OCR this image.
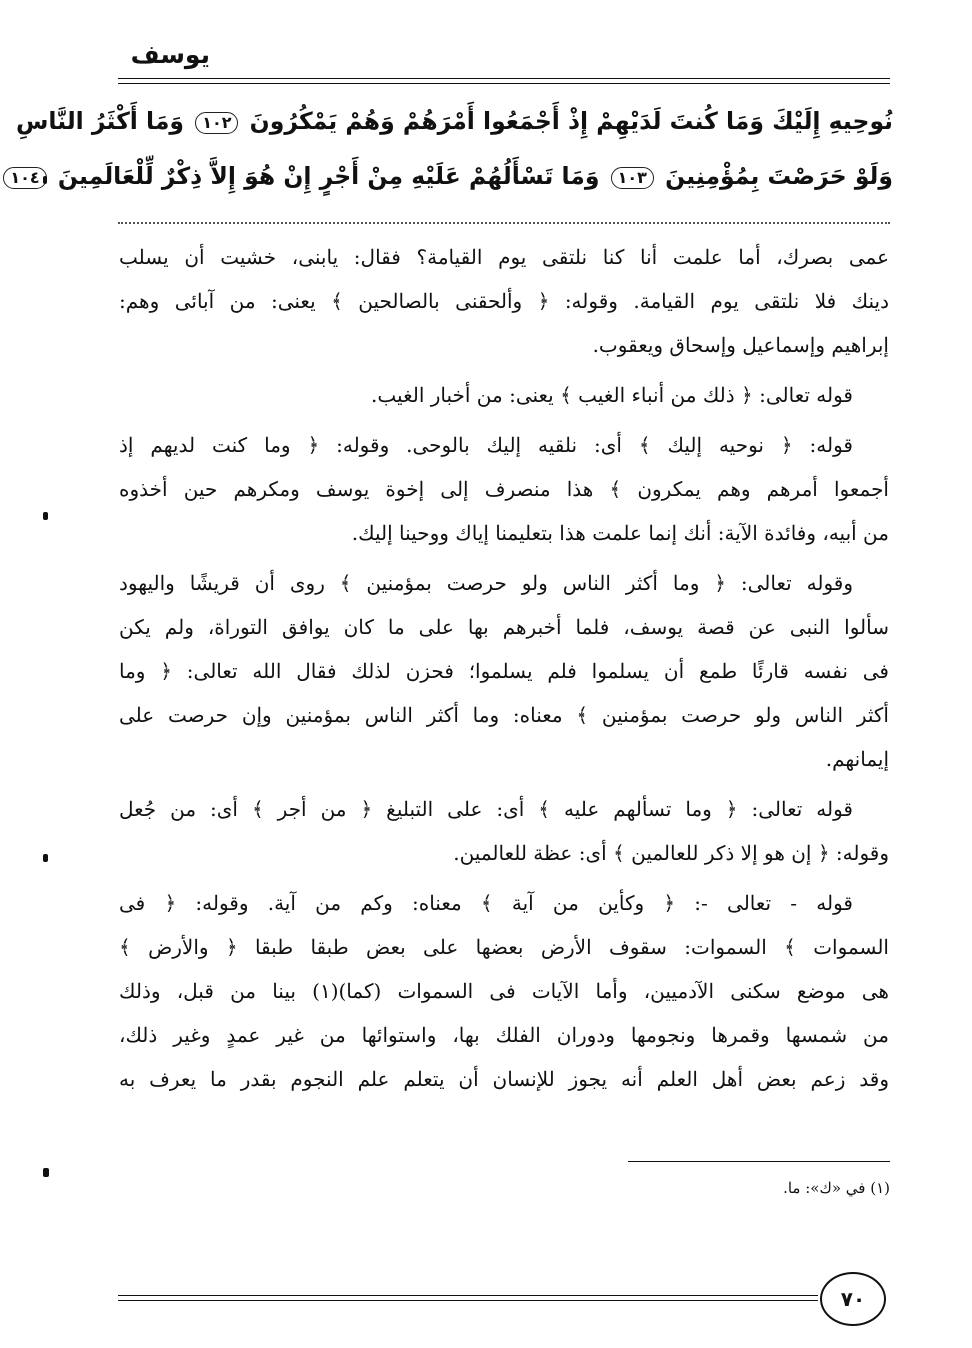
يوسف
نُوحِيهِ إِلَيْكَ وَمَا كُنتَ لَدَيْهِمْ إِذْ أَجْمَعُوا أَمْرَهُمْ وَهُمْ يَمْكُرُونَ ١٠٢ وَمَا أَكْثَرُ النَّاسِ
وَلَوْ حَرَصْتَ بِمُؤْمِنِينَ ١٠٣ وَمَا تَسْأَلُهُمْ عَلَيْهِ مِنْ أَجْرٍ إِنْ هُوَ إِلاَّ ذِكْرٌ لِّلْعَالَمِينَ ١٠٤
عمى بصرك، أما علمت أنا كنا نلتقى يوم القيامة؟ فقال: يابنى، خشيت أن يسلب
دينك فلا نلتقى يوم القيامة. وقوله: ﴿ وألحقنى بالصالحين ﴾ يعنى: من آبائى وهم:
إبراهيم وإسماعيل وإسحاق ويعقوب.
قوله تعالى: ﴿ ذلك من أنباء الغيب ﴾ يعنى: من أخبار الغيب.
قوله: ﴿ نوحيه إليك ﴾ أى: نلقيه إليك بالوحى. وقوله: ﴿ وما كنت لديهم إذ
أجمعوا أمرهم وهم يمكرون ﴾ هذا منصرف إلى إخوة يوسف ومكرهم حين أخذوه
من أبيه، وفائدة الآية: أنك إنما علمت هذا بتعليمنا إياك ووحينا إليك.
وقوله تعالى: ﴿ وما أكثر الناس ولو حرصت بمؤمنين ﴾ روى أن قريشًا واليهود
سألوا النبى عن قصة يوسف، فلما أخبرهم بها على ما كان يوافق التوراة، ولم يكن
فى نفسه قارئًا طمع أن يسلموا فلم يسلموا؛ فحزن لذلك فقال الله تعالى: ﴿ وما
أكثر الناس ولو حرصت بمؤمنين ﴾ معناه: وما أكثر الناس بمؤمنين وإن حرصت على
إيمانهم.
قوله تعالى: ﴿ وما تسألهم عليه ﴾ أى: على التبليغ ﴿ من أجر ﴾ أى: من جُعل
وقوله: ﴿ إن هو إلا ذكر للعالمين ﴾ أى: عظة للعالمين.
قوله - تعالى -: ﴿ وكأين من آية ﴾ معناه: وكم من آية. وقوله: ﴿ فى
السموات ﴾ السموات: سقوف الأرض بعضها على بعض طبقا طبقا ﴿ والأرض ﴾
هى موضع سكنى الآدميين، وأما الآيات فى السموات (كما)(١) بينا من قبل، وذلك
من شمسها وقمرها ونجومها ودوران الفلك بها، واستوائها من غير عمدٍ وغير ذلك،
وقد زعم بعض أهل العلم أنه يجوز للإنسان أن يتعلم علم النجوم بقدر ما يعرف به
(١) في «ك»: ما.
٧٠
